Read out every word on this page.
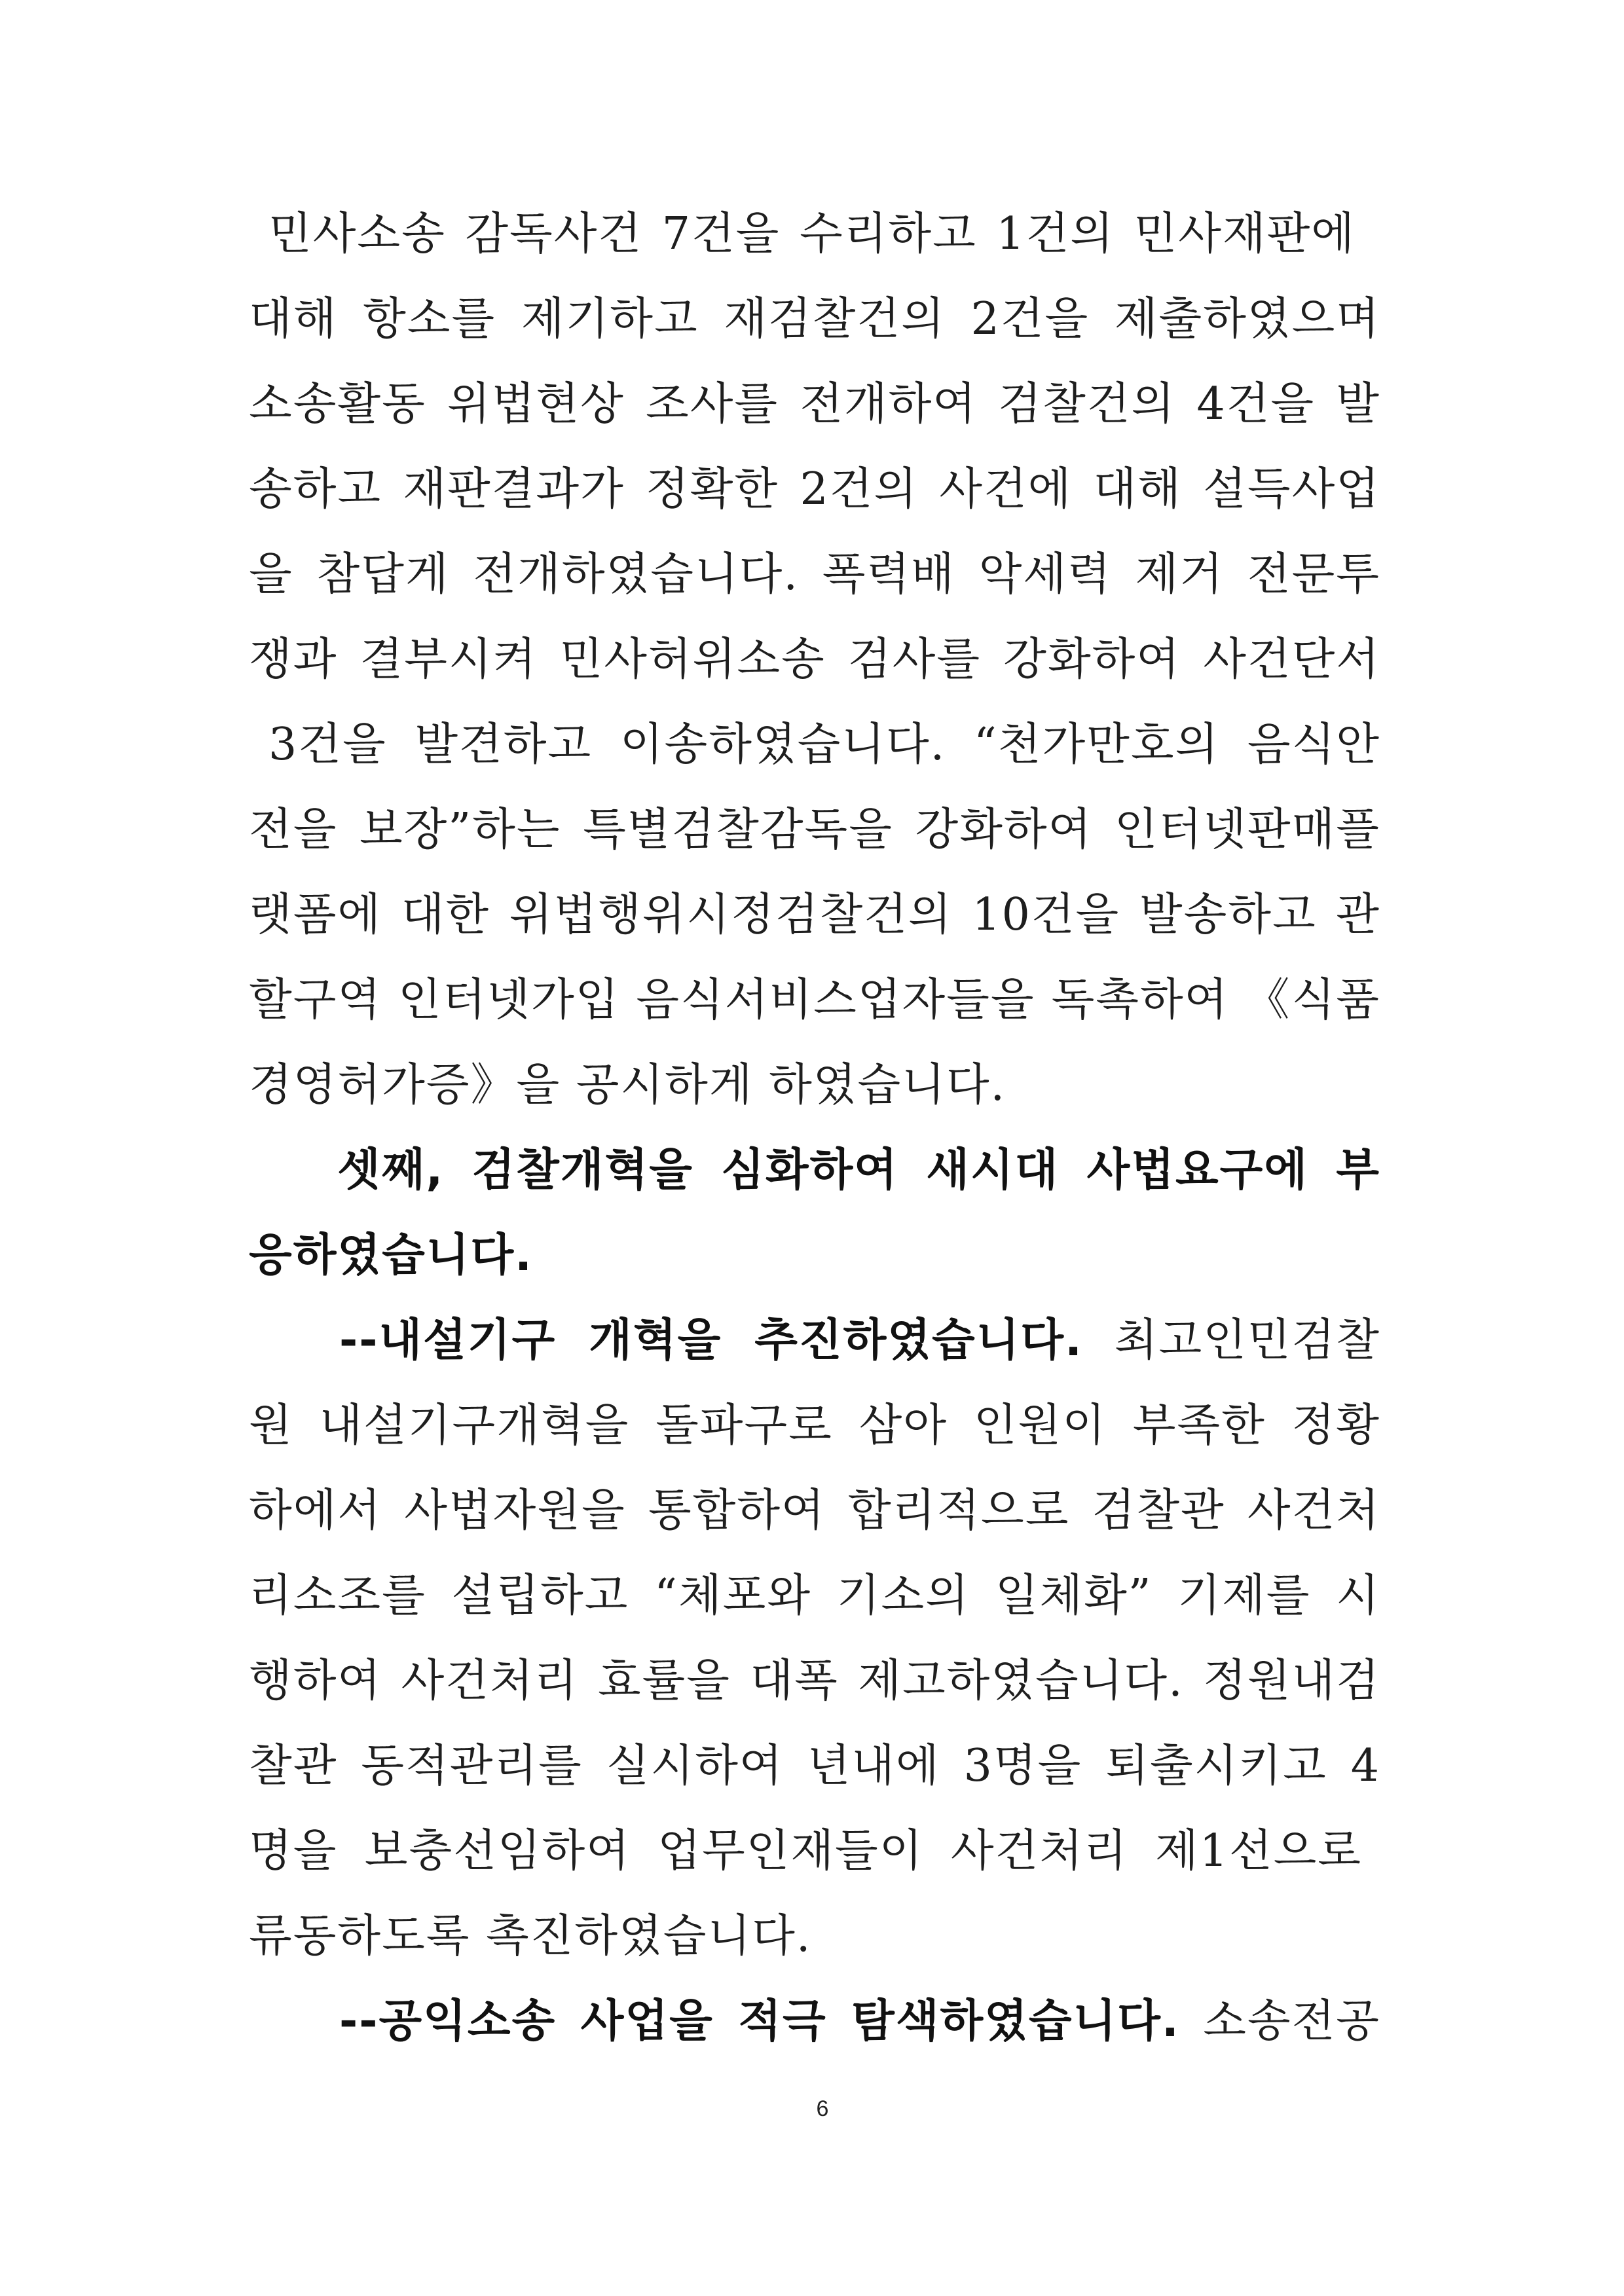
민사소송 감독사건 7건을 수리하고 1건의 민사재판에
대해 항소를 제기하고 재검찰건의 2건을 제출하였으며
소송활동 위법현상 조사를 전개하여 검찰건의 4건을 발
송하고 재판결과가 정확한 2건의 사건에 대해 설득사업
을 참답게 전개하였습니다. 폭력배 악세력 제거 전문투
쟁과 결부시켜 민사허위소송 검사를 강화하여 사건단서
3건을 발견하고 이송하였습니다. “천가만호의 음식안
전을 보장”하는 특별검찰감독을 강화하여 인터넷판매플
랫폼에 대한 위법행위시정검찰건의 10건을 발송하고 관
할구역 인터넷가입 음식서비스업자들을 독촉하여 《식품
경영허가증》을 공시하게 하였습니다.
셋째, 검찰개혁을 심화하여 새시대 사법요구에 부
응하였습니다.
--내설기구 개혁을 추진하였습니다. 최고인민검찰
원 내설기구개혁을 돌파구로 삼아 인원이 부족한 정황
하에서 사법자원을 통합하여 합리적으로 검찰관 사건처
리소조를 설립하고 “체포와 기소의 일체화” 기제를 시
행하여 사건처리 효률을 대폭 제고하였습니다. 정원내검
찰관 동적관리를 실시하여 년내에 3명을 퇴출시키고 4
명을 보충선임하여 업무인재들이 사건처리 제1선으로
류동하도록 촉진하였습니다.
--공익소송 사업을 적극 탐색하였습니다. 소송전공
6
